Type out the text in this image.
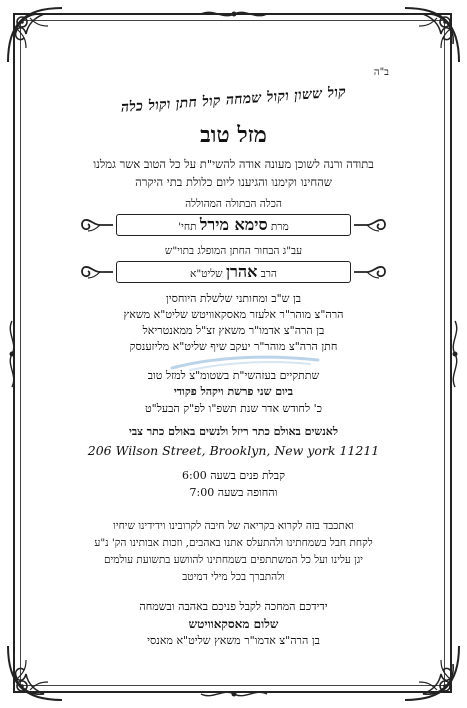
ב"ה
קול ששון וקול שמחה קול חתן וקול כלה
מזל טוב
בתודה ורנה לשוכן מעונה אודה להשי"ת על כל הטוב אשר גמלנו
שהחינו וקימנו והגיענו ליום כלולת בתי היקרה
הכלה הבתולה המהוללה
מרת סימא מירל תחי'
עב"ג הבחור החתן המופלג בתוי"ש
הרב אהרן שליט"א
בן ש"ב ומחותני שלשלת היוחסין
הרה"צ מוהר"ר אלעזר מאסקאוויטש שליט"א משאץ
בן הרה"צ אדמו"ר משאץ זצ"ל ממאנטריאל
חתן הרה"צ מוהר"ר יעקב שיף שליט"א מליזענסק
שתתקיים בעזהשי"ת בשטומ"צ למזל טוב
ביום שני פרשת ויקהל פקודי
כ' לחודש אדר שנת תשפ"ו לפ"ק הבעל"ט
לאנשים באולם כתר ריזל ולנשים באולם כתר צבי
206 Wilson Street, Brooklyn, New york 11211
קבלת פנים בשעה 6:00
והחופה בשעה 7:00
ואתכבד בזה לקרוא בקריאה של חיבה לקרובינו וידידינו שיחיו
לקחת חבל בשמחתינו ולהתעלס אתנו באהבים, וזכות אבותינו הק' נ"ע
יגן עלינו ועל כל המשתתפים בשמחתינו להוושע בתשועת עולמים
ולהתברך בכל מילי דמיטב
ידידכם המחכה לקבל פניכם באהבה ובשמחה
שלום מאסקאוויטש
בן הרה"צ אדמו"ר משאץ שליט"א מאנסי
